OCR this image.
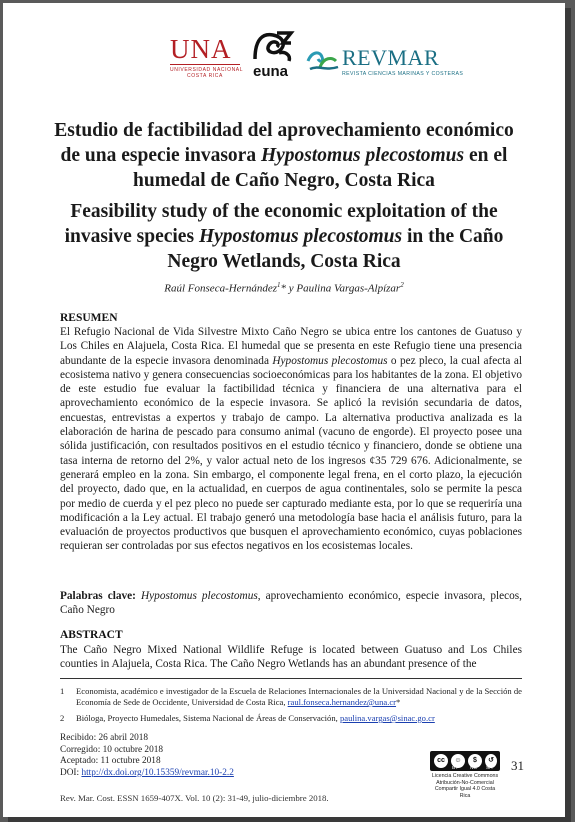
UNA
UNIVERSIDAD NACIONAL
COSTA RICA	euna
REVMAR
REVISTA CIENCIAS MARINAS Y COSTERAS
Estudio de factibilidad del aprovechamiento económico
de una especie invasora Hypostomus plecostomus en el
humedal de Caño Negro, Costa Rica
Feasibility study of the economic exploitation of the
invasive species Hypostomus plecostomus in the Caño
Negro Wetlands, Costa Rica
Raúl Fonseca-Hernández$^1$* y Paulina Vargas-Alpízar$^2$
RESUMEN
El Refugio Nacional de Vida Silvestre Mixto Caño Negro se ubica entre los cantones de Guatuso y Los Chiles en Alajuela, Costa Rica. El humedal que se presenta en este Refugio tiene una presencia abundante de la especie invasora denominada Hypostomus plecostomus o pez pleco, la cual afecta al ecosistema nativo y genera consecuencias socioeconómicas para los habitantes de la zona. El objetivo de este estudio fue evaluar la factibilidad técnica y financiera de una alternativa para el aprovechamiento económico de la especie invasora. Se aplicó la revisión secundaria de datos, encuestas, entrevistas a expertos y trabajo de campo. La alternativa productiva analizada es la elaboración de harina de pescado para consumo animal (vacuno de engorde). El proyecto posee una sólida justificación, con resultados positivos en el estudio técnico y financiero, donde se obtiene una tasa interna de retorno del 2%, y valor actual neto de los ingresos ¢35 729 676. Adicionalmente, se generará empleo en la zona. Sin embargo, el componente legal frena, en el corto plazo, la ejecución del proyecto, dado que, en la actualidad, en cuerpos de agua continentales, solo se permite la pesca por medio de cuerda y el pez pleco no puede ser capturado mediante esta, por lo que se requeriría una modificación a la Ley actual. El trabajo generó una metodología base hacia el análisis futuro, para la evaluación de proyectos productivos que busquen el aprovechamiento económico, cuyas poblaciones requieran ser controladas por sus efectos negativos en los ecosistemas locales.
Palabras clave: Hypostomus plecostomus, aprovechamiento económico, especie invasora, plecos, Caño Negro
ABSTRACT
The Caño Negro Mixed National Wildlife Refuge is located between Guatuso and Los Chiles counties in Alajuela, Costa Rica. The Caño Negro Wetlands has an abundant presence of the
1 Economista, académico e investigador de la Escuela de Relaciones Internacionales de la Universidad Nacional y de la Sección de Economía de Sede de Occidente, Universidad de Costa Rica, raul.fonseca.hernandez@una.cr*
2 Bióloga, Proyecto Humedales, Sistema Nacional de Áreas de Conservación, paulina.vargas@sinac.go.cr
Recibido: 26 abril 2018
Corregido: 10 octubre 2018
Aceptado: 11 octubre 2018
DOI: http://dx.doi.org/10.15359/revmar.10-2.2
cc	☺	$	↺
BY NC SA
Licencia Creative Commons
Atribución-No-Comercial
Compartir Igual 4.0 Costa Rica
31
Rev. Mar. Cost. ESSN 1659-407X. Vol. 10 (2): 31-49, julio-diciembre 2018.
